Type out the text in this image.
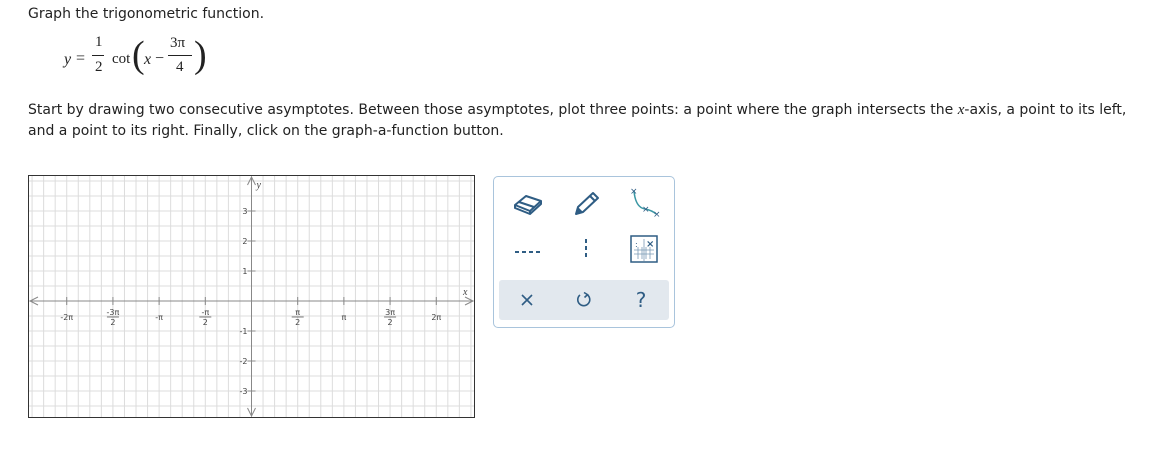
Graph the trigonometric function.
y =
1
2 cot ( x −
3π
4 )
Start by drawing two consecutive asymptotes. Between those asymptotes, plot three points: a point where the graph intersects the x-axis, a point to its left, and a point to its right. Finally, click on the graph-a-function button.
x
y
-2π
-3π
2
-π
-π
2
π
2
π
3π
2
2π
3
2
1
-1
-2
-3
×
× ×
×
:
?
